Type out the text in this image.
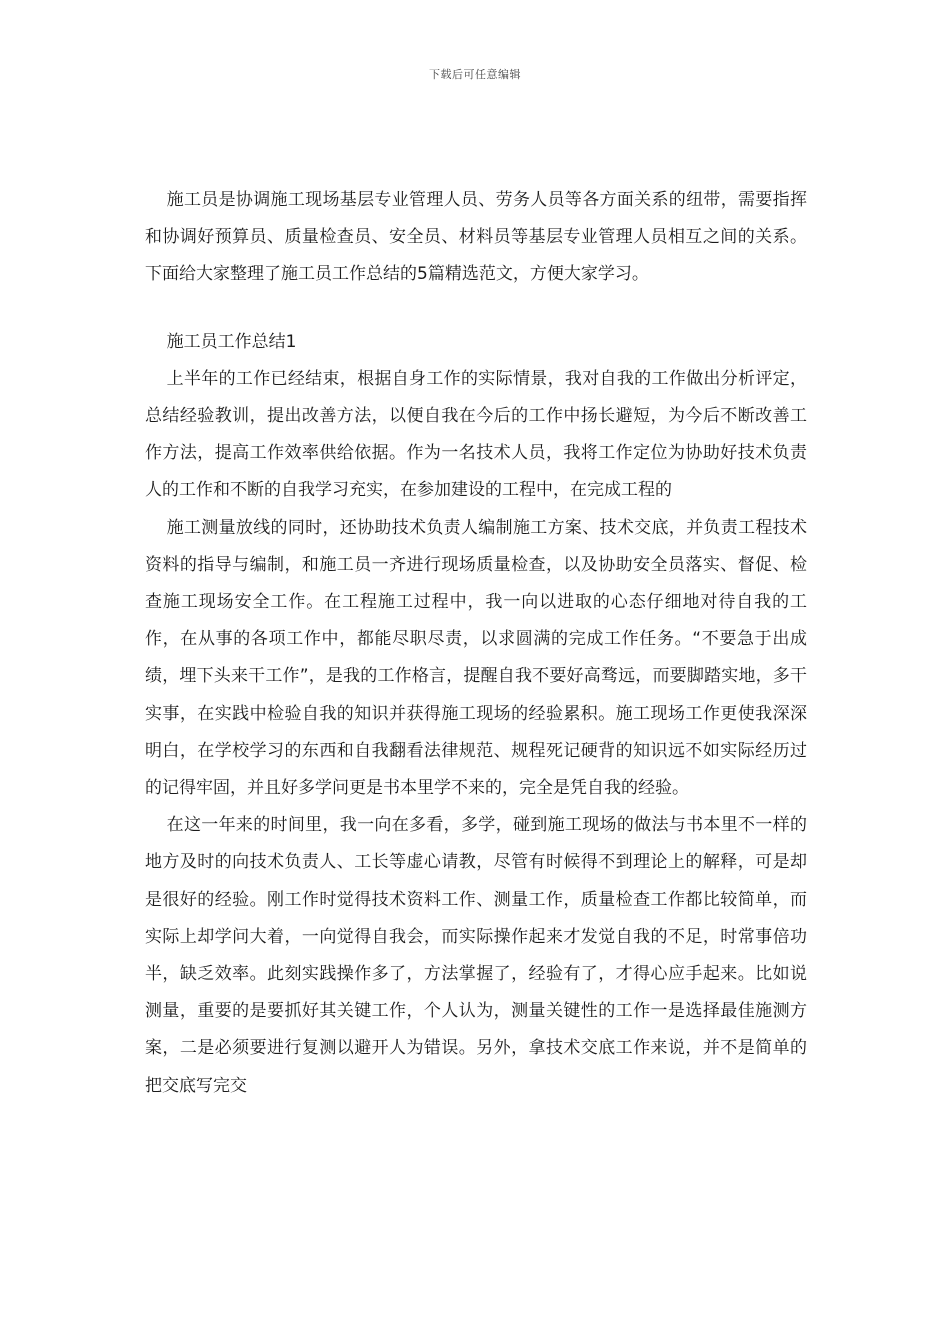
下载后可任意编辑

施工员是协调施工现场基层专业管理人员、劳务人员等各方面关系的纽带，需要指挥和协调好预算员、质量检查员、安全员、材料员等基层专业管理人员相互之间的关系。下面给大家整理了施工员工作总结的5篇精选范文，方便大家学习。

施工员工作总结1

上半年的工作已经结束，根据自身工作的实际情景，我对自我的工作做出分析评定，总结经验教训，提出改善方法，以便自我在今后的工作中扬长避短，为今后不断改善工作方法，提高工作效率供给依据。作为一名技术人员，我将工作定位为协助好技术负责人的工作和不断的自我学习充实，在参加建设的工程中，在完成工程的

施工测量放线的同时，还协助技术负责人编制施工方案、技术交底，并负责工程技术资料的指导与编制，和施工员一齐进行现场质量检查，以及协助安全员落实、督促、检查施工现场安全工作。在工程施工过程中，我一向以进取的心态仔细地对待自我的工作，在从事的各项工作中，都能尽职尽责，以求圆满的完成工作任务。“不要急于出成绩，埋下头来干工作”，是我的工作格言，提醒自我不要好高骛远，而要脚踏实地，多干实事，在实践中检验自我的知识并获得施工现场的经验累积。施工现场工作更使我深深明白，在学校学习的东西和自我翻看法律规范、规程死记硬背的知识远不如实际经历过的记得牢固，并且好多学问更是书本里学不来的，完全是凭自我的经验。

在这一年来的时间里，我一向在多看，多学，碰到施工现场的做法与书本里不一样的地方及时的向技术负责人、工长等虚心请教，尽管有时候得不到理论上的解释，可是却是很好的经验。刚工作时觉得技术资料工作、测量工作，质量检查工作都比较简单，而实际上却学问大着，一向觉得自我会，而实际操作起来才发觉自我的不足，时常事倍功半，缺乏效率。此刻实践操作多了，方法掌握了，经验有了，才得心应手起来。比如说测量，重要的是要抓好其关键工作，个人认为，测量关键性的工作一是选择最佳施测方案，二是必须要进行复测以避开人为错误。另外，拿技术交底工作来说，并不是简单的把交底写完交
